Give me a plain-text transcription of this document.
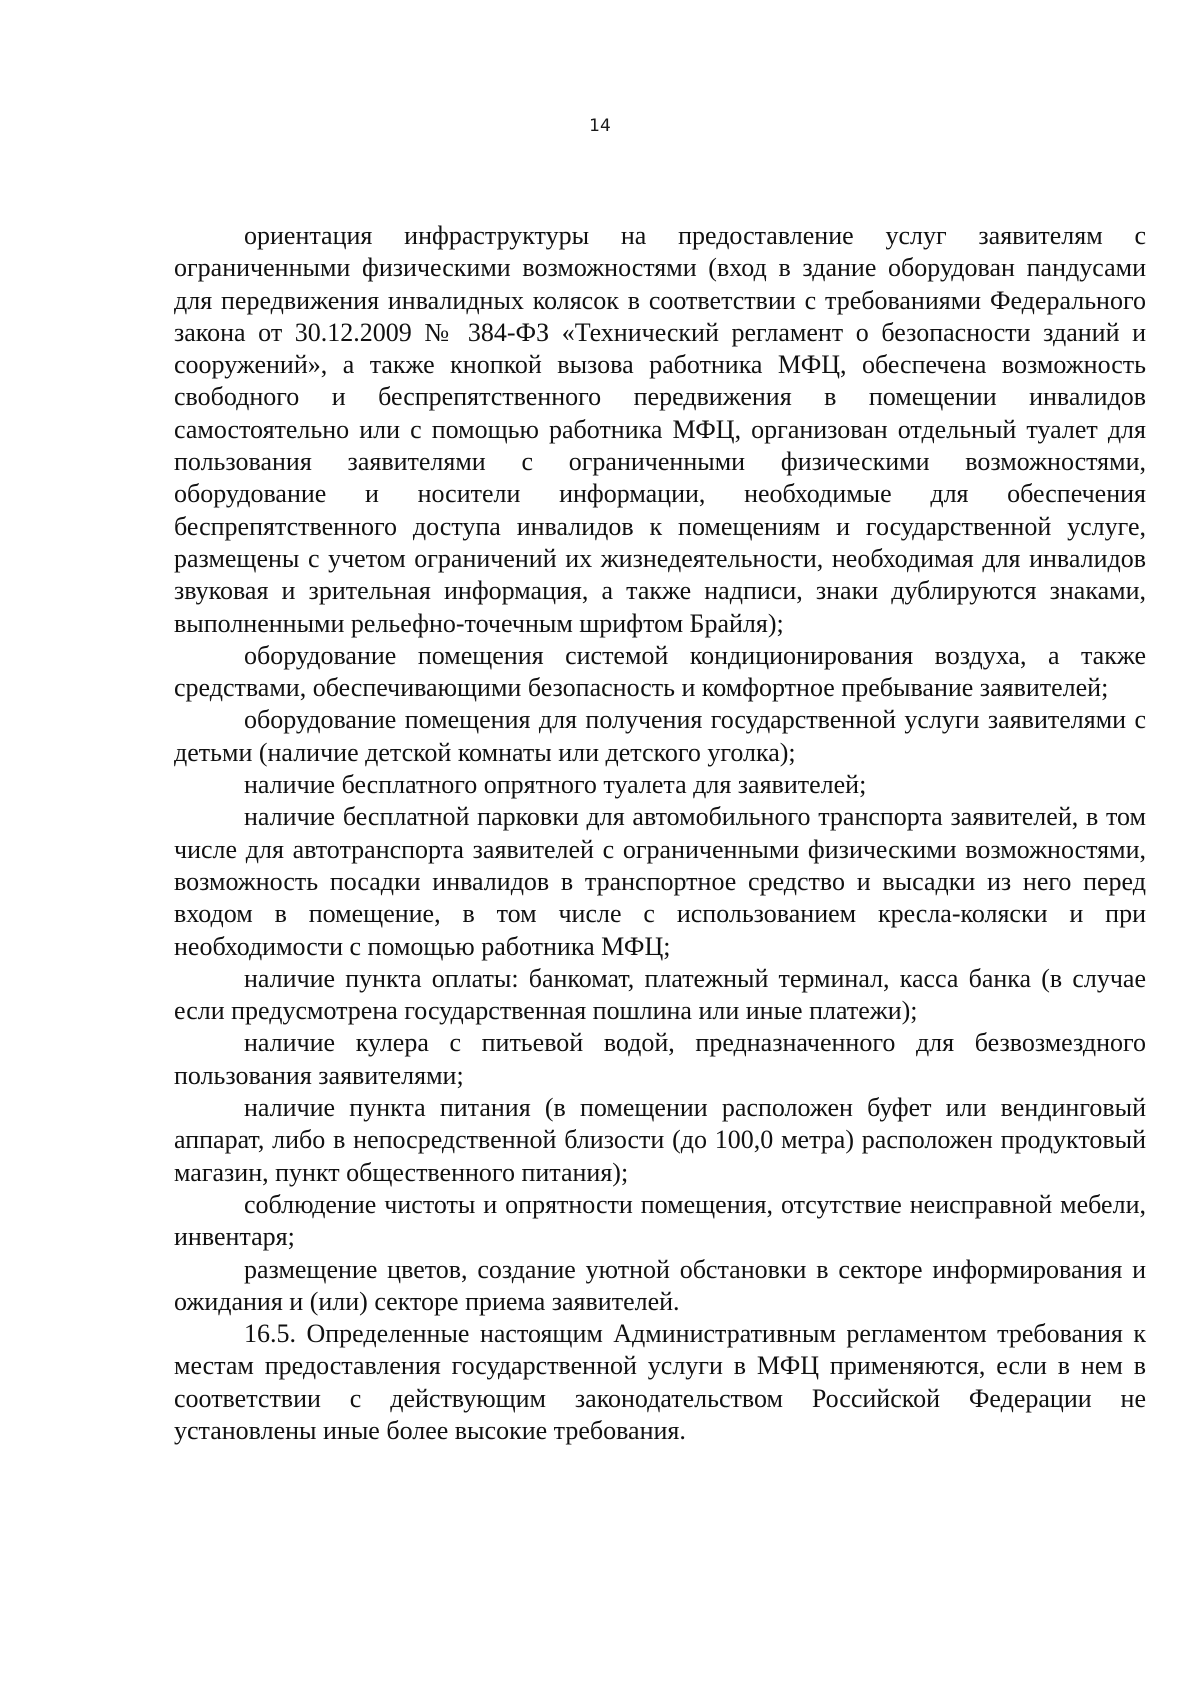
14

ориентация инфраструктуры на предоставление услуг заявителям с ограниченными физическими возможностями (вход в здание оборудован пандусами для передвижения инвалидных колясок в соответствии с требованиями Федерального закона от 30.12.2009 № 384-ФЗ «Технический регламент о безопасности зданий и сооружений», а также кнопкой вызова работника МФЦ, обеспечена возможность свободного и беспрепятственного передвижения в помещении инвалидов самостоятельно или с помощью работника МФЦ, организован отдельный туалет для пользования заявителями с ограниченными физическими возможностями, оборудование и носители информации, необходимые для обеспечения беспрепятственного доступа инвалидов к помещениям и государственной услуге, размещены с учетом ограничений их жизнедеятельности, необходимая для инвалидов звуковая и зрительная информация, а также надписи, знаки дублируются знаками, выполненными рельефно-точечным шрифтом Брайля);

оборудование помещения системой кондиционирования воздуха, а также средствами, обеспечивающими безопасность и комфортное пребывание заявителей;

оборудование помещения для получения государственной услуги заявителями с детьми (наличие детской комнаты или детского уголка);

наличие бесплатного опрятного туалета для заявителей;

наличие бесплатной парковки для автомобильного транспорта заявителей, в том числе для автотранспорта заявителей с ограниченными физическими возможностями, возможность посадки инвалидов в транспортное средство и высадки из него перед входом в помещение, в том числе с использованием кресла-коляски и при необходимости с помощью работника МФЦ;

наличие пункта оплаты: банкомат, платежный терминал, касса банка (в случае если предусмотрена государственная пошлина или иные платежи);

наличие кулера с питьевой водой, предназначенного для безвозмездного пользования заявителями;

наличие пункта питания (в помещении расположен буфет или вендинговый аппарат, либо в непосредственной близости (до 100,0 метра) расположен продуктовый магазин, пункт общественного питания);

соблюдение чистоты и опрятности помещения, отсутствие неисправной мебели, инвентаря;

размещение цветов, создание уютной обстановки в секторе информирования и ожидания и (или) секторе приема заявителей.

16.5. Определенные настоящим Административным регламентом требования к местам предоставления государственной услуги в МФЦ применяются, если в нем в соответствии с действующим законодательством Российской Федерации не установлены иные более высокие требования.
